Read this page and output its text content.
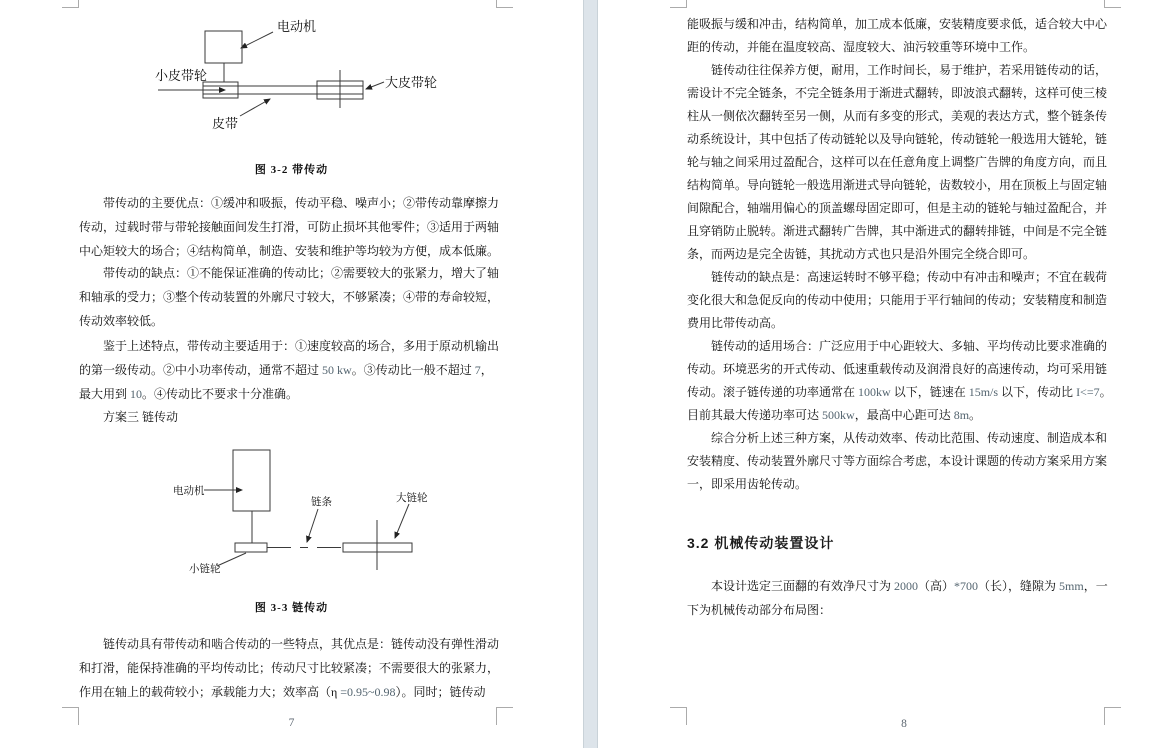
电动机
小皮带轮	大皮带轮
皮带
图 3-2 带传动
　　带传动的主要优点：①缓冲和吸振，传动平稳、噪声小；②带传动靠摩擦力
传动，过载时带与带轮接触面间发生打滑，可防止损坏其他零件；③适用于两轴
中心矩较大的场合；④结构简单，制造、安装和维护等均较为方便，成本低廉。
　　带传动的缺点：①不能保证准确的传动比；②需要较大的张紧力，增大了轴
和轴承的受力；③整个传动装置的外廓尺寸较大，不够紧凑；④带的寿命较短，
传动效率较低。
　　鉴于上述特点，带传动主要适用于：①速度较高的场合，多用于原动机输出
的第一级传动。②中小功率传动，通常不超过 50 kw。③传动比一般不超过 7，
最大用到 10。④传动比不要求十分准确。
　　方案三 链传动
电动机
小链轮
链条	大链轮
图 3-3 链传动
　　链传动具有带传动和啮合传动的一些特点，其优点是：链传动没有弹性滑动
和打滑，能保持准确的平均传动比；传动尺寸比较紧凑；不需要很大的张紧力，
作用在轴上的载荷较小；承载能力大；效率高（η =0.95~0.98）。同时；链传动
7
能吸振与缓和冲击，结构简单，加工成本低廉，安装精度要求低，适合较大中心
距的传动，并能在温度较高、湿度较大、油污较重等环境中工作。
　　链传动往往保养方便，耐用，工作时间长，易于维护，若采用链传动的话，
需设计不完全链条，不完全链条用于渐进式翻转，即波浪式翻转，这样可使三棱
柱从一侧依次翻转至另一侧，从而有多变的形式，美观的表达方式，整个链条传
动系统设计，其中包括了传动链轮以及导向链轮，传动链轮一般选用大链轮，链
轮与轴之间采用过盈配合，这样可以在任意角度上调整广告牌的角度方向，而且
结构简单。导向链轮一般选用渐进式导向链轮，齿数较小，用在顶板上与固定轴
间隙配合，轴端用偏心的顶盖螺母固定即可，但是主动的链轮与轴过盈配合，并
且穿销防止脱转。渐进式翻转广告牌，其中渐进式的翻转排链，中间是不完全链
条，而两边是完全齿链，其扰动方式也只是沿外围完全绕合即可。
　　链传动的缺点是：高速运转时不够平稳；传动中有冲击和噪声；不宜在载荷
变化很大和急促反向的传动中使用；只能用于平行轴间的传动；安装精度和制造
费用比带传动高。
　　链传动的适用场合：广泛应用于中心距较大、多轴、平均传动比要求准确的
传动。环境恶劣的开式传动、低速重载传动及润滑良好的高速传动，均可采用链
传动。滚子链传递的功率通常在 100kw 以下，链速在 15m/s 以下，传动比 I<=7。
目前其最大传递功率可达 500kw，最高中心距可达 8m。
　　综合分析上述三种方案，从传动效率、传动比范围、传动速度、制造成本和
安装精度、传动装置外廓尺寸等方面综合考虑，本设计课题的传动方案采用方案
一，即采用齿轮传动。
3.2 机械传动装置设计
　　本设计选定三面翻的有效净尺寸为 2000（高）*700（长），缝隙为 5mm，一
下为机械传动部分布局图：
8
